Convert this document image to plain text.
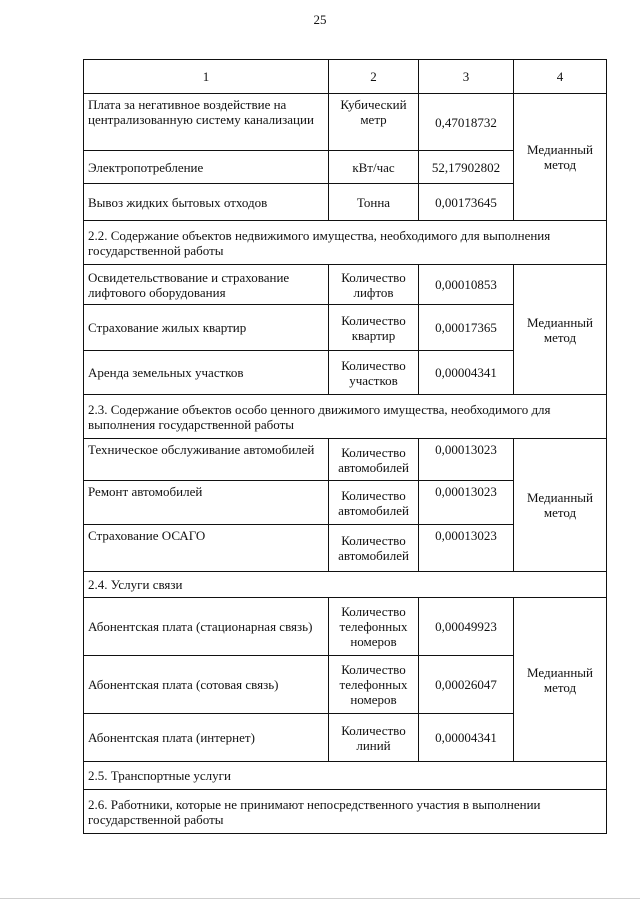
25
1	2	3	4
Плата за негативное воздействие на централизованную систему канализации	Кубический метр	0,47018732	Медианный метод
Электропотребление	кВт/час	52,17902802	
Вывоз жидких бытовых отходов	Тонна	0,00173645	
2.2. Содержание объектов недвижимого имущества, необходимого для выполнения государственной работы			
Освидетельствование и страхование лифтового оборудования	Количество лифтов	0,00010853	Медианный метод
Страхование жилых квартир	Количество квартир	0,00017365	
Аренда земельных участков	Количество участков	0,00004341	
2.3. Содержание объектов особо ценного движимого имущества, необходимого для выполнения государственной работы			
Техническое обслуживание автомобилей	Количество автомобилей	0,00013023	Медианный метод
Ремонт автомобилей	Количество автомобилей	0,00013023	
Страхование ОСАГО	Количество автомобилей	0,00013023	
2.4. Услуги связи			
Абонентская плата (стационарная связь)	Количество телефонных номеров	0,00049923	Медианный метод
Абонентская плата (сотовая связь)	Количество телефонных номеров	0,00026047	
Абонентская плата (интернет)	Количество линий	0,00004341	
2.5. Транспортные услуги			
2.6. Работники, которые не принимают непосредственного участия в выполнении государственной работы			
